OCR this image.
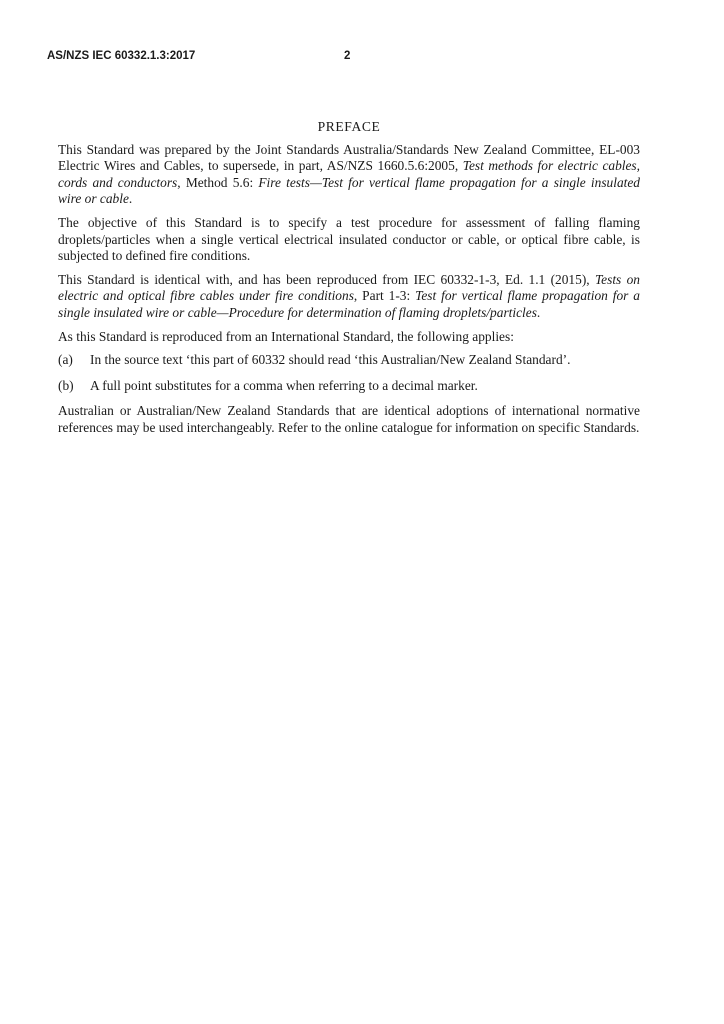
AS/NZS IEC 60332.1.3:2017	2
PREFACE

This Standard was prepared by the Joint Standards Australia/Standards New Zealand Committee, EL-003 Electric Wires and Cables, to supersede, in part, AS/NZS 1660.5.6:2005, Test methods for electric cables, cords and conductors, Method 5.6: Fire tests—Test for vertical flame propagation for a single insulated wire or cable.

The objective of this Standard is to specify a test procedure for assessment of falling flaming droplets/particles when a single vertical electrical insulated conductor or cable, or optical fibre cable, is subjected to defined fire conditions.

This Standard is identical with, and has been reproduced from IEC 60332-1-3, Ed. 1.1 (2015), Tests on electric and optical fibre cables under fire conditions, Part 1-3: Test for vertical flame propagation for a single insulated wire or cable—Procedure for determination of flaming droplets/particles.

As this Standard is reproduced from an International Standard, the following applies:

(a)	In the source text ‘this part of 60332 should read ‘this Australian/New Zealand Standard’.

(b)	A full point substitutes for a comma when referring to a decimal marker.

Australian or Australian/New Zealand Standards that are identical adoptions of international normative references may be used interchangeably. Refer to the online catalogue for information on specific Standards.
